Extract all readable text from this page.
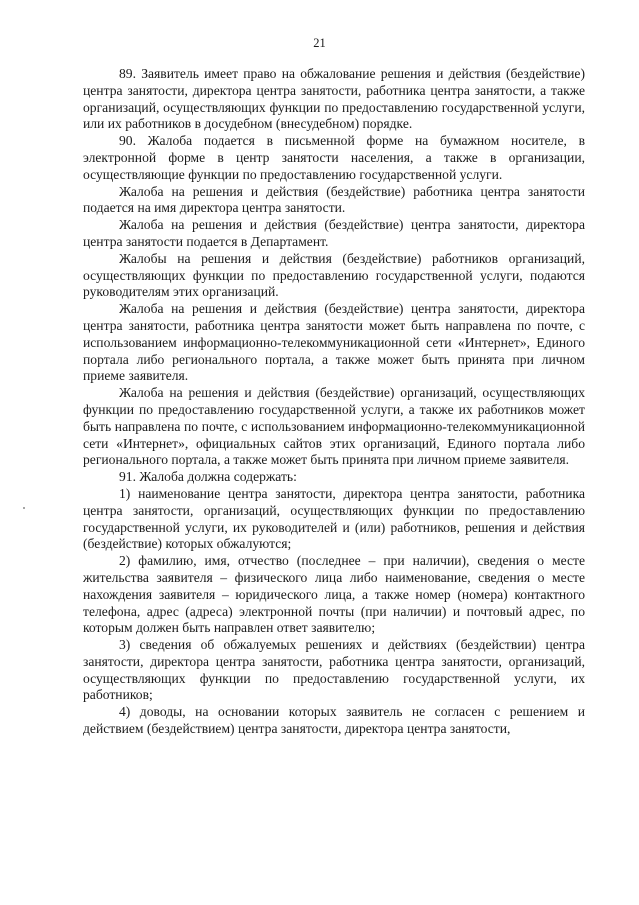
21

89. Заявитель имеет право на обжалование решения и действия (бездействие) центра занятости, директора центра занятости, работника центра занятости, а также организаций, осуществляющих функции по предоставлению государственной услуги, или их работников в досудебном (внесудебном) порядке.

90. Жалоба подается в письменной форме на бумажном носителе, в электронной форме в центр занятости населения, а также в организации, осуществляющие функции по предоставлению государственной услуги.

Жалоба на решения и действия (бездействие) работника центра занятости подается на имя директора центра занятости.

Жалоба на решения и действия (бездействие) центра занятости, директора центра занятости подается в Департамент.

Жалобы на решения и действия (бездействие) работников организаций, осуществляющих функции по предоставлению государственной услуги, подаются руководителям этих организаций.

Жалоба на решения и действия (бездействие) центра занятости, директора центра занятости, работника центра занятости может быть направлена по почте, с использованием информационно-телекоммуникационной сети «Интернет», Единого портала либо регионального портала, а также может быть принята при личном приеме заявителя.

Жалоба на решения и действия (бездействие) организаций, осуществляющих функции по предоставлению государственной услуги, а также их работников может быть направлена по почте, с использованием информационно-телекоммуникационной сети «Интернет», официальных сайтов этих организаций, Единого портала либо регионального портала, а также может быть принята при личном приеме заявителя.

91. Жалоба должна содержать:

1) наименование центра занятости, директора центра занятости, работника центра занятости, организаций, осуществляющих функции по предоставлению государственной услуги, их руководителей и (или) работников, решения и действия (бездействие) которых обжалуются;

2) фамилию, имя, отчество (последнее – при наличии), сведения о месте жительства заявителя – физического лица либо наименование, сведения о месте нахождения заявителя – юридического лица, а также номер (номера) контактного телефона, адрес (адреса) электронной почты (при наличии) и почтовый адрес, по которым должен быть направлен ответ заявителю;

3) сведения об обжалуемых решениях и действиях (бездействии) центра занятости, директора центра занятости, работника центра занятости, организаций, осуществляющих функции по предоставлению государственной услуги, их работников;

4) доводы, на основании которых заявитель не согласен с решением и действием (бездействием) центра занятости, директора центра занятости,
